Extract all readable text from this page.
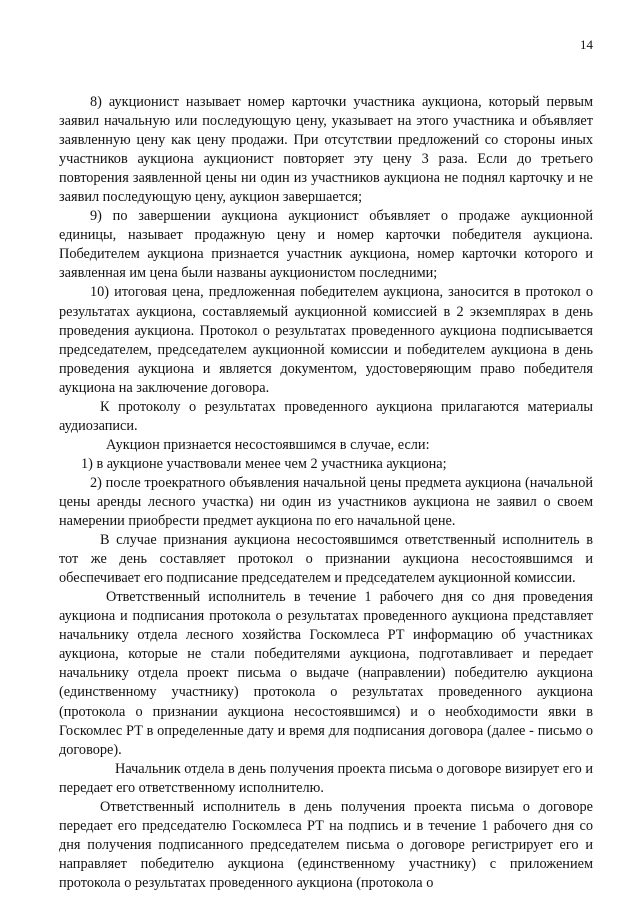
14

8) аукционист называет номер карточки участника аукциона, который первым заявил начальную или последующую цену, указывает на этого участника и объявляет заявленную цену как цену продажи. При отсутствии предложений со стороны иных участников аукциона аукционист повторяет эту цену 3 раза. Если до третьего повторения заявленной цены ни один из участников аукциона не поднял карточку и не заявил последующую цену, аукцион завершается;

9) по завершении аукциона аукционист объявляет о продаже аукционной единицы, называет продажную цену и номер карточки победителя аукциона. Победителем аукциона признается участник аукциона, номер карточки которого и заявленная им цена были названы аукционистом последними;

10) итоговая цена, предложенная победителем аукциона, заносится в протокол о результатах аукциона, составляемый аукционной комиссией в 2 экземплярах в день проведения аукциона. Протокол о результатах проведенного аукциона подписывается председателем, председателем аукционной комиссии и победителем аукциона в день проведения аукциона и является документом, удостоверяющим право победителя аукциона на заключение договора.

К протоколу о результатах проведенного аукциона прилагаются материалы аудиозаписи.

Аукцион признается несостоявшимся в случае, если:

1) в аукционе участвовали менее чем 2 участника аукциона;

2) после троекратного объявления начальной цены предмета аукциона (начальной цены аренды лесного участка) ни один из участников аукциона не заявил о своем намерении приобрести предмет аукциона по его начальной цене.

В случае признания аукциона несостоявшимся ответственный исполнитель в тот же день составляет протокол о признании аукциона несостоявшимся и обеспечивает его подписание председателем и председателем аукционной комиссии.

Ответственный исполнитель в течение 1 рабочего дня со дня проведения аукциона и подписания протокола о результатах проведенного аукциона представляет начальнику отдела лесного хозяйства Госкомлеса РТ информацию об участниках аукциона, которые не стали победителями аукциона, подготавливает и передает начальнику отдела проект письма о выдаче (направлении) победителю аукциона (единственному участнику) протокола о результатах проведенного аукциона (протокола о признании аукциона несостоявшимся) и о необходимости явки в Госкомлес РТ в определенные дату и время для подписания договора (далее - письмо о договоре).

Начальник отдела в день получения проекта письма о договоре визирует его и передает его ответственному исполнителю.

Ответственный исполнитель в день получения проекта письма о договоре передает его председателю Госкомлеса РТ на подпись и в течение 1 рабочего дня со дня получения подписанного председателем письма о договоре регистрирует его и направляет победителю аукциона (единственному участнику) с приложением протокола о результатах проведенного аукциона (протокола о
